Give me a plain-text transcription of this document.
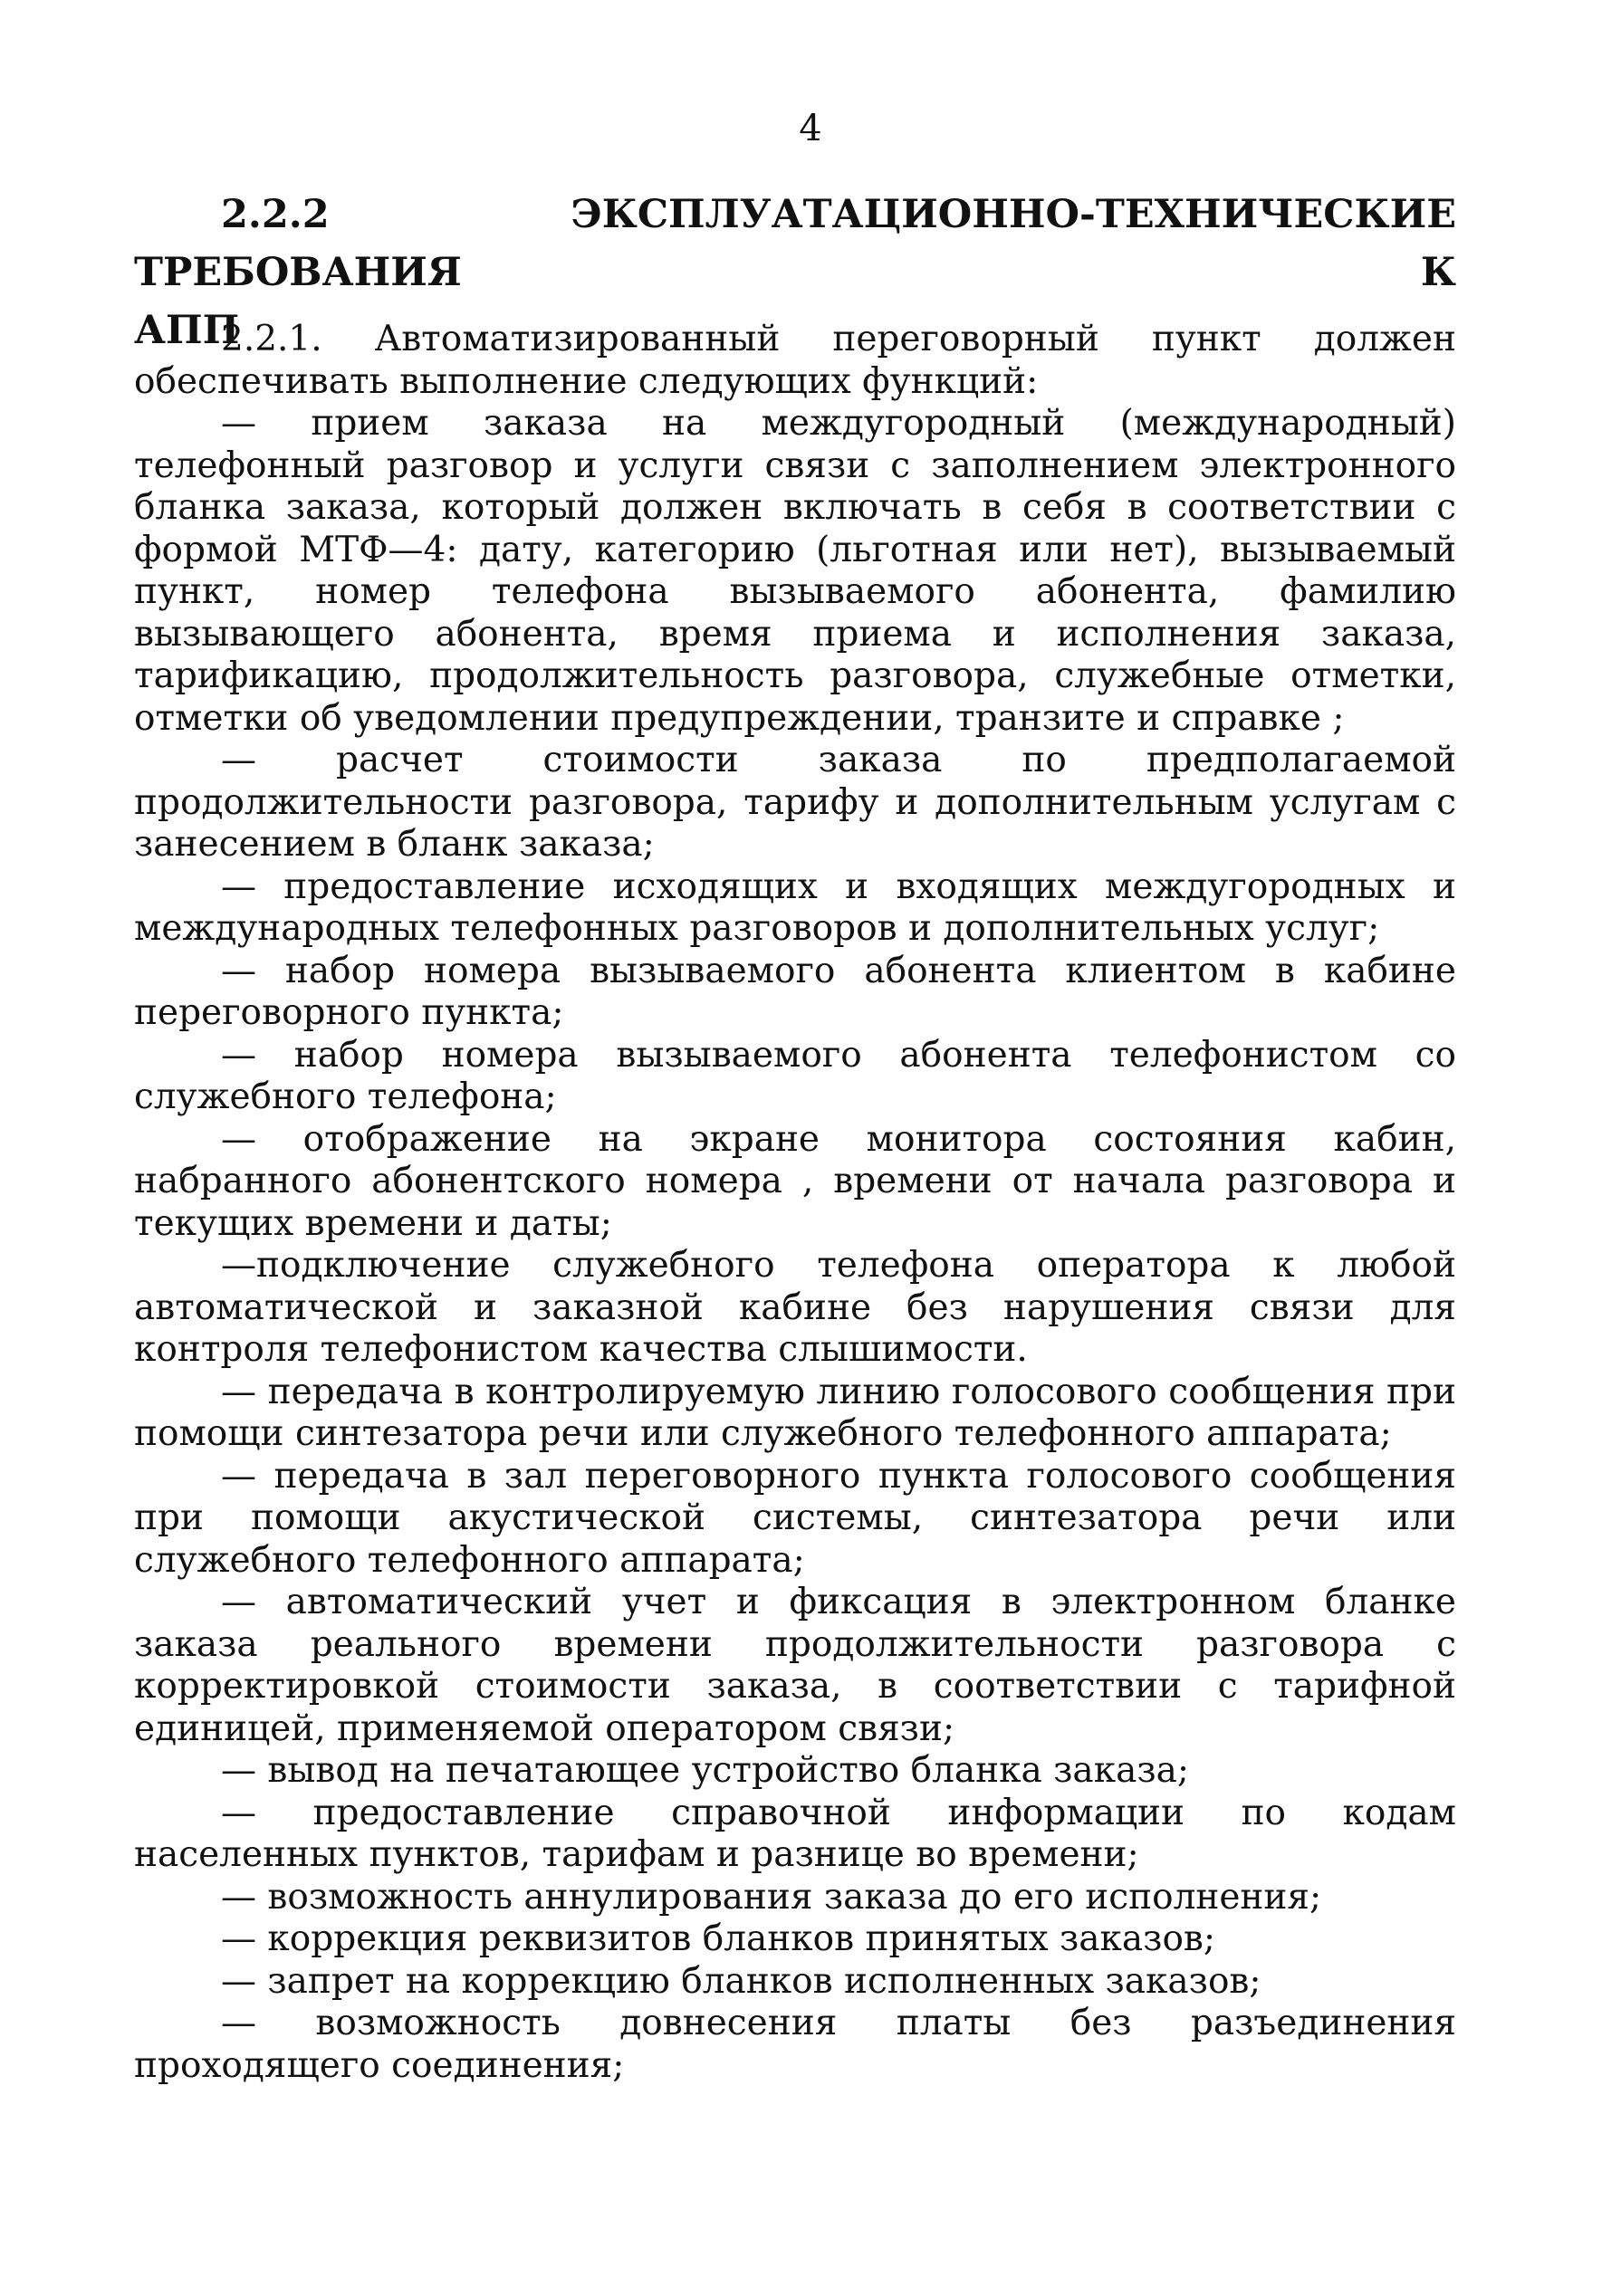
4
2.2.2 ЭКСПЛУАТАЦИОННО-ТЕХНИЧЕСКИЕ ТРЕБОВАНИЯ К
АПП

2.2.1. Автоматизированный переговорный пункт должен обеспечивать выполнение следующих функций:

— прием заказа на междугородный (международный) телефонный разговор и услуги связи с заполнением электронного бланка заказа, который должен включать в себя в соответствии с формой МТФ—4: дату, категорию (льготная или нет), вызываемый пункт, номер телефона вызываемого абонента, фамилию вызывающего абонента, время приема и исполнения заказа, тарификацию, продолжительность разговора, служебные отметки, отметки об уведомлении предупреждении, транзите и справке ;

— расчет стоимости заказа по предполагаемой продолжительности разговора, тарифу и дополнительным услугам с занесением в бланк заказа;

— предоставление исходящих и входящих междугородных и международных телефонных разговоров и дополнительных услуг;

— набор номера вызываемого абонента клиентом в кабине переговорного пункта;

— набор номера вызываемого абонента телефонистом со служебного телефона;

— отображение на экране монитора состояния кабин, набранного абонентского номера , времени от начала разговора и текущих времени и даты;

—подключение служебного телефона оператора к любой автоматической и заказной кабине без нарушения связи для контроля телефонистом качества слышимости.

— передача в контролируемую линию голосового сообщения при помощи синтезатора речи или служебного телефонного аппарата;

— передача в зал переговорного пункта голосового сообщения при помощи акустической системы, синтезатора речи или служебного телефонного аппарата;

— автоматический учет и фиксация в электронном бланке заказа реального времени продолжительности разговора с корректировкой стоимости заказа, в соответствии с тарифной единицей, применяемой оператором связи;

— вывод на печатающее устройство бланка заказа;

— предоставление справочной информации по кодам населенных пунктов, тарифам и разнице во времени;

— возможность аннулирования заказа до его исполнения;

— коррекция реквизитов бланков принятых заказов;

— запрет на коррекцию бланков исполненных заказов;

— возможность довнесения платы без разъединения проходящего соединения;
